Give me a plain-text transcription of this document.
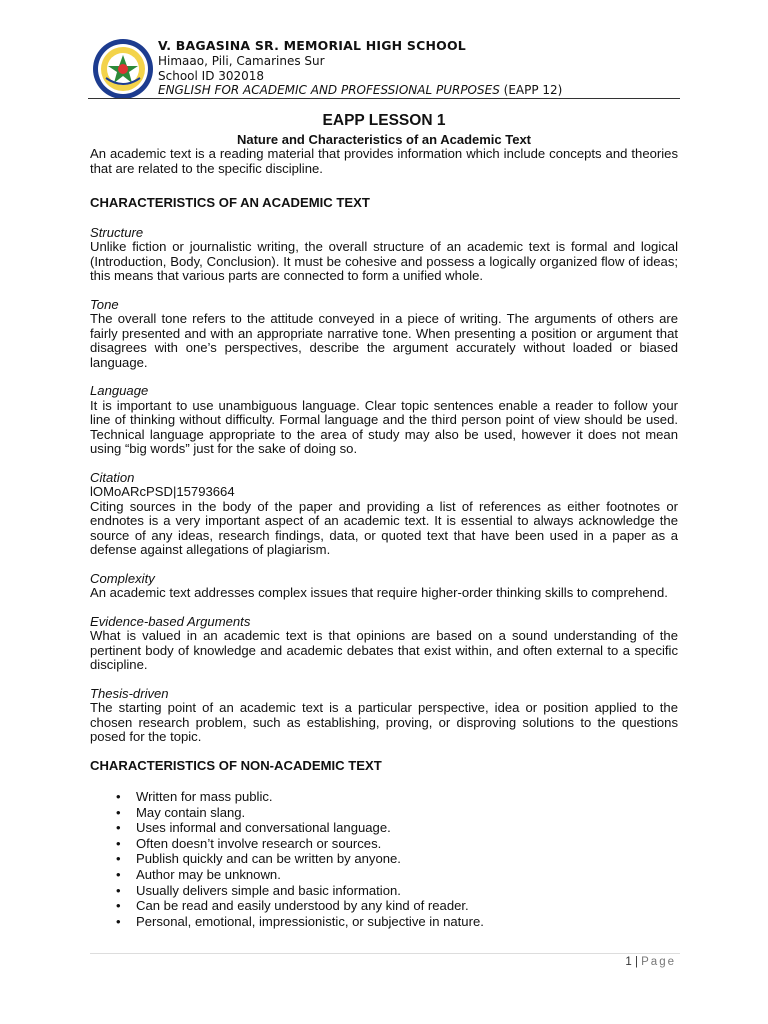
V. BAGASINA SR. MEMORIAL HIGH SCHOOL
Himaao, Pili, Camarines Sur
School ID 302018
ENGLISH FOR ACADEMIC AND PROFESSIONAL PURPOSES (EAPP 12)
EAPP LESSON 1
Nature and Characteristics of an Academic Text

An academic text is a reading material that provides information which include concepts and theories that are related to the specific discipline.

CHARACTERISTICS OF AN ACADEMIC TEXT
Structure

Unlike fiction or journalistic writing, the overall structure of an academic text is formal and logical (Introduction, Body, Conclusion). It must be cohesive and possess a logically organized flow of ideas; this means that various parts are connected to form a unified whole.

Tone

The overall tone refers to the attitude conveyed in a piece of writing. The arguments of others are fairly presented and with an appropriate narrative tone. When presenting a position or argument that disagrees with one’s perspectives, describe the argument accurately without loaded or biased language.

Language

It is important to use unambiguous language. Clear topic sentences enable a reader to follow your line of thinking without difficulty. Formal language and the third person point of view should be used. Technical language appropriate to the area of study may also be used, however it does not mean using “big words” just for the sake of doing so.

Citation
lOMoARcPSD|15793664

Citing sources in the body of the paper and providing a list of references as either footnotes or endnotes is a very important aspect of an academic text. It is essential to always acknowledge the source of any ideas, research findings, data, or quoted text that have been used in a paper as a defense against allegations of plagiarism.

Complexity

An academic text addresses complex issues that require higher-order thinking skills to comprehend.

Evidence-based Arguments

What is valued in an academic text is that opinions are based on a sound understanding of the pertinent body of knowledge and academic debates that exist within, and often external to a specific discipline.

Thesis-driven

The starting point of an academic text is a particular perspective, idea or position applied to the chosen research problem, such as establishing, proving, or disproving solutions to the questions posed for the topic.

CHARACTERISTICS OF NON-ACADEMIC TEXT
• Written for mass public.
• May contain slang.
• Uses informal and conversational language.
• Often doesn’t involve research or sources.
• Publish quickly and can be written by anyone.
• Author may be unknown.
• Usually delivers simple and basic information.
• Can be read and easily understood by any kind of reader.
• Personal, emotional, impressionistic, or subjective in nature.
1 | Page
